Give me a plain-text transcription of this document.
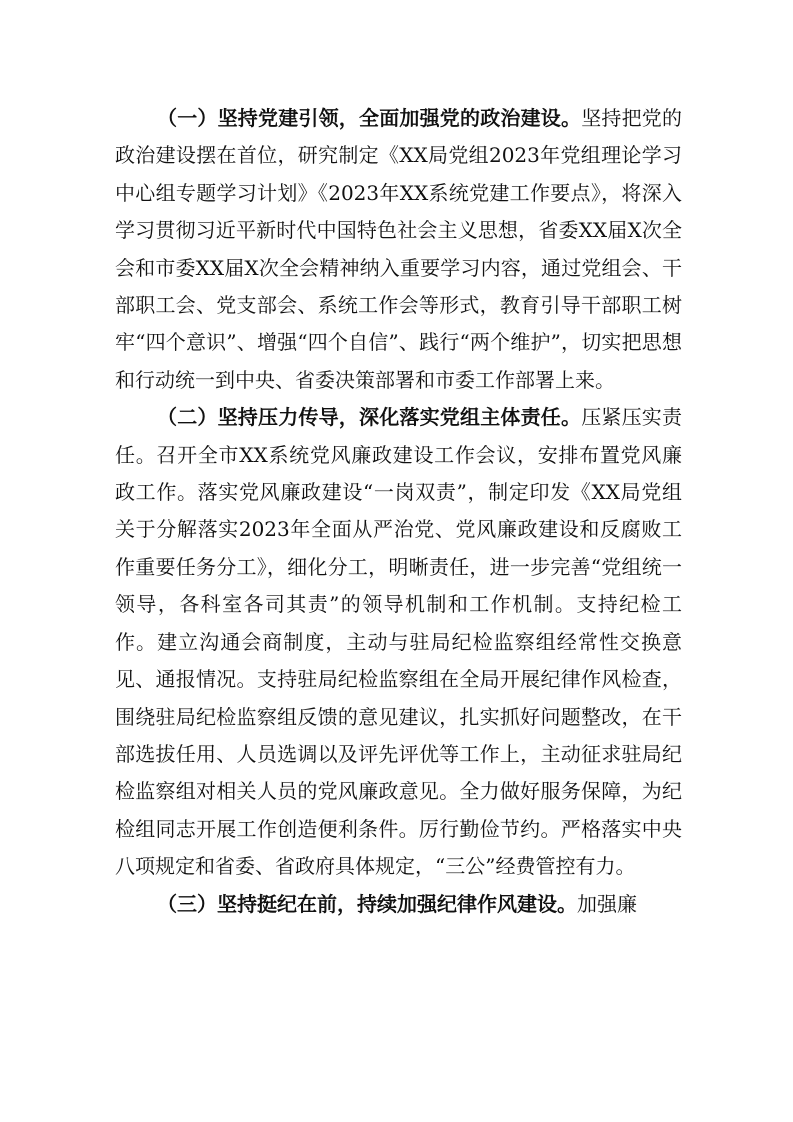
（一）坚持党建引领，全面加强党的政治建设。坚持把党的政治建设摆在首位，研究制定《XX局党组2023年党组理论学习中心组专题学习计划》《2023年XX系统党建工作要点》，将深入学习贯彻习近平新时代中国特色社会主义思想，省委XX届X次全会和市委XX届X次全会精神纳入重要学习内容，通过党组会、干部职工会、党支部会、系统工作会等形式，教育引导干部职工树牢“四个意识”、增强“四个自信”、践行“两个维护”，切实把思想和行动统一到中央、省委决策部署和市委工作部署上来。

（二）坚持压力传导，深化落实党组主体责任。压紧压实责任。召开全市XX系统党风廉政建设工作会议，安排布置党风廉政工作。落实党风廉政建设“一岗双责”，制定印发《XX局党组关于分解落实2023年全面从严治党、党风廉政建设和反腐败工作重要任务分工》，细化分工，明晰责任，进一步完善“党组统一领导，各科室各司其责”的领导机制和工作机制。支持纪检工作。建立沟通会商制度，主动与驻局纪检监察组经常性交换意见、通报情况。支持驻局纪检监察组在全局开展纪律作风检查，围绕驻局纪检监察组反馈的意见建议，扎实抓好问题整改，在干部选拔任用、人员选调以及评先评优等工作上，主动征求驻局纪检监察组对相关人员的党风廉政意见。全力做好服务保障，为纪检组同志开展工作创造便利条件。厉行勤俭节约。严格落实中央八项规定和省委、省政府具体规定，“三公”经费管控有力。

（三）坚持挺纪在前，持续加强纪律作风建设。加强廉
